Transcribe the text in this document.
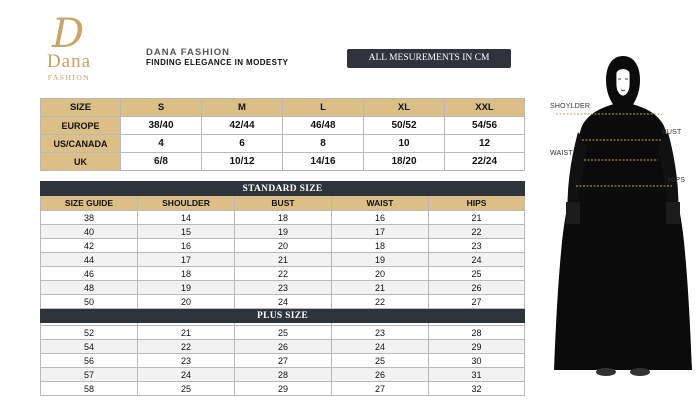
D
Dana
FASHION
DANA FASHION
FINDING ELEGANCE IN MODESTY	ALL MESUREMENTS IN CM
SIZE	S	M	L	XL	XXL
EUROPE	38/40	42/44	46/48	50/52	54/56
US/CANADA	4	6	8	10	12
UK	6/8	10/12	14/16	18/20	22/24
STANDARD SIZE				
SIZE GUIDE	SHOULDER	BUST	WAIST	HIPS
38	14	18	16	21
40	15	19	17	22
42	16	20	18	23
44	17	21	19	24
46	18	22	20	25
48	19	23	21	26
50	20	24	22	27
PLUS SIZE				

52	21	25	23	28
54	22	26	24	29
56	23	27	25	30
57	24	28	26	31
58	25	29	27	32
SHOYLDER
BUST
WAIST
HIPS
